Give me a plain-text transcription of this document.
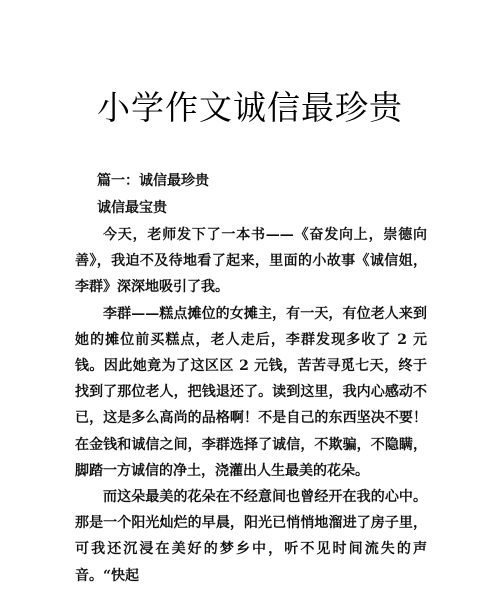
小学作文诚信最珍贵
篇一：诚信最珍贵
诚信最宝贵

今天，老师发下了一本书——《奋发向上，崇德向善》，我迫不及待地看了起来，里面的小故事《诚信姐，李群》深深地吸引了我。

李群——糕点摊位的女摊主，有一天，有位老人来到她的摊位前买糕点，老人走后，李群发现多收了 2 元钱。因此她竟为了这区区 2 元钱，苦苦寻觅七天，终于找到了那位老人，把钱退还了。读到这里，我内心感动不已，这是多么高尚的品格啊！不是自己的东西坚决不要！在金钱和诚信之间，李群选择了诚信，不欺骗，不隐瞒，脚踏一方诚信的净土，浇灌出人生最美的花朵。

而这朵最美的花朵在不经意间也曾经开在我的心中。那是一个阳光灿烂的早晨，阳光已悄悄地溜进了房子里，可我还沉浸在美好的梦乡中，听不见时间流失的声音。“快起
